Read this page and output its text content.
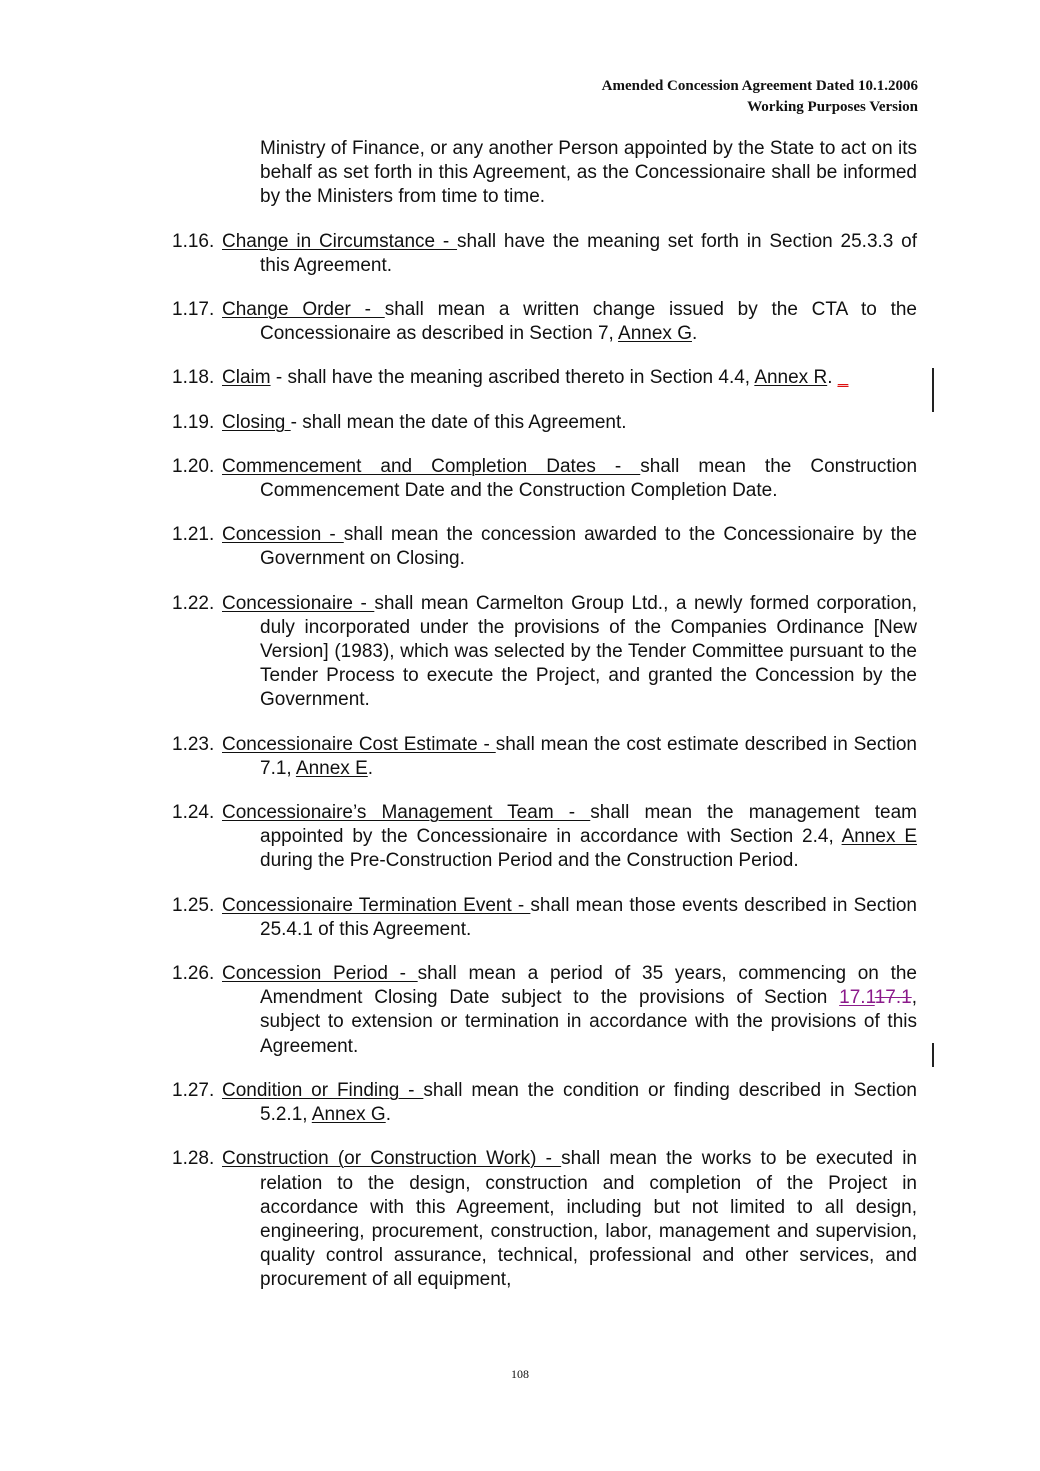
Amended Concession Agreement Dated 10.1.2006
Working Purposes Version
Ministry of Finance, or any another Person appointed by the State to act on its behalf as set forth in this Agreement, as the Concessionaire shall be informed by the Ministers from time to time.
1.16. Change in Circumstance - shall have the meaning set forth in Section 25.3.3 of this Agreement.
1.17. Change Order - shall mean a written change issued by the CTA to the Concessionaire as described in Section 7, Annex G.
1.18. Claim - shall have the meaning ascribed thereto in Section 4.4, Annex R. _
1.19. Closing - shall mean the date of this Agreement.
1.20. Commencement and Completion Dates - shall mean the Construction Commencement Date and the Construction Completion Date.
1.21. Concession - shall mean the concession awarded to the Concessionaire by the Government on Closing.
1.22. Concessionaire - shall mean Carmelton Group Ltd., a newly formed corporation, duly incorporated under the provisions of the Companies Ordinance [New Version] (1983), which was selected by the Tender Committee pursuant to the Tender Process to execute the Project, and granted the Concession by the Government.
1.23. Concessionaire Cost Estimate - shall mean the cost estimate described in Section 7.1, Annex E.
1.24. Concessionaire’s Management Team - shall mean the management team appointed by the Concessionaire in accordance with Section 2.4, Annex E during the Pre-Construction Period and the Construction Period.
1.25. Concessionaire Termination Event - shall mean those events described in Section 25.4.1 of this Agreement.
1.26. Concession Period - shall mean a period of 35 years, commencing on the Amendment Closing Date subject to the provisions of Section 17.117.1, subject to extension or termination in accordance with the provisions of this Agreement.
1.27. Condition or Finding - shall mean the condition or finding described in Section 5.2.1, Annex G.
1.28. Construction (or Construction Work) - shall mean the works to be executed in relation to the design, construction and completion of the Project in accordance with this Agreement, including but not limited to all design, engineering, procurement, construction, labor, management and supervision, quality control assurance, technical, professional and other services, and procurement of all equipment,
108
